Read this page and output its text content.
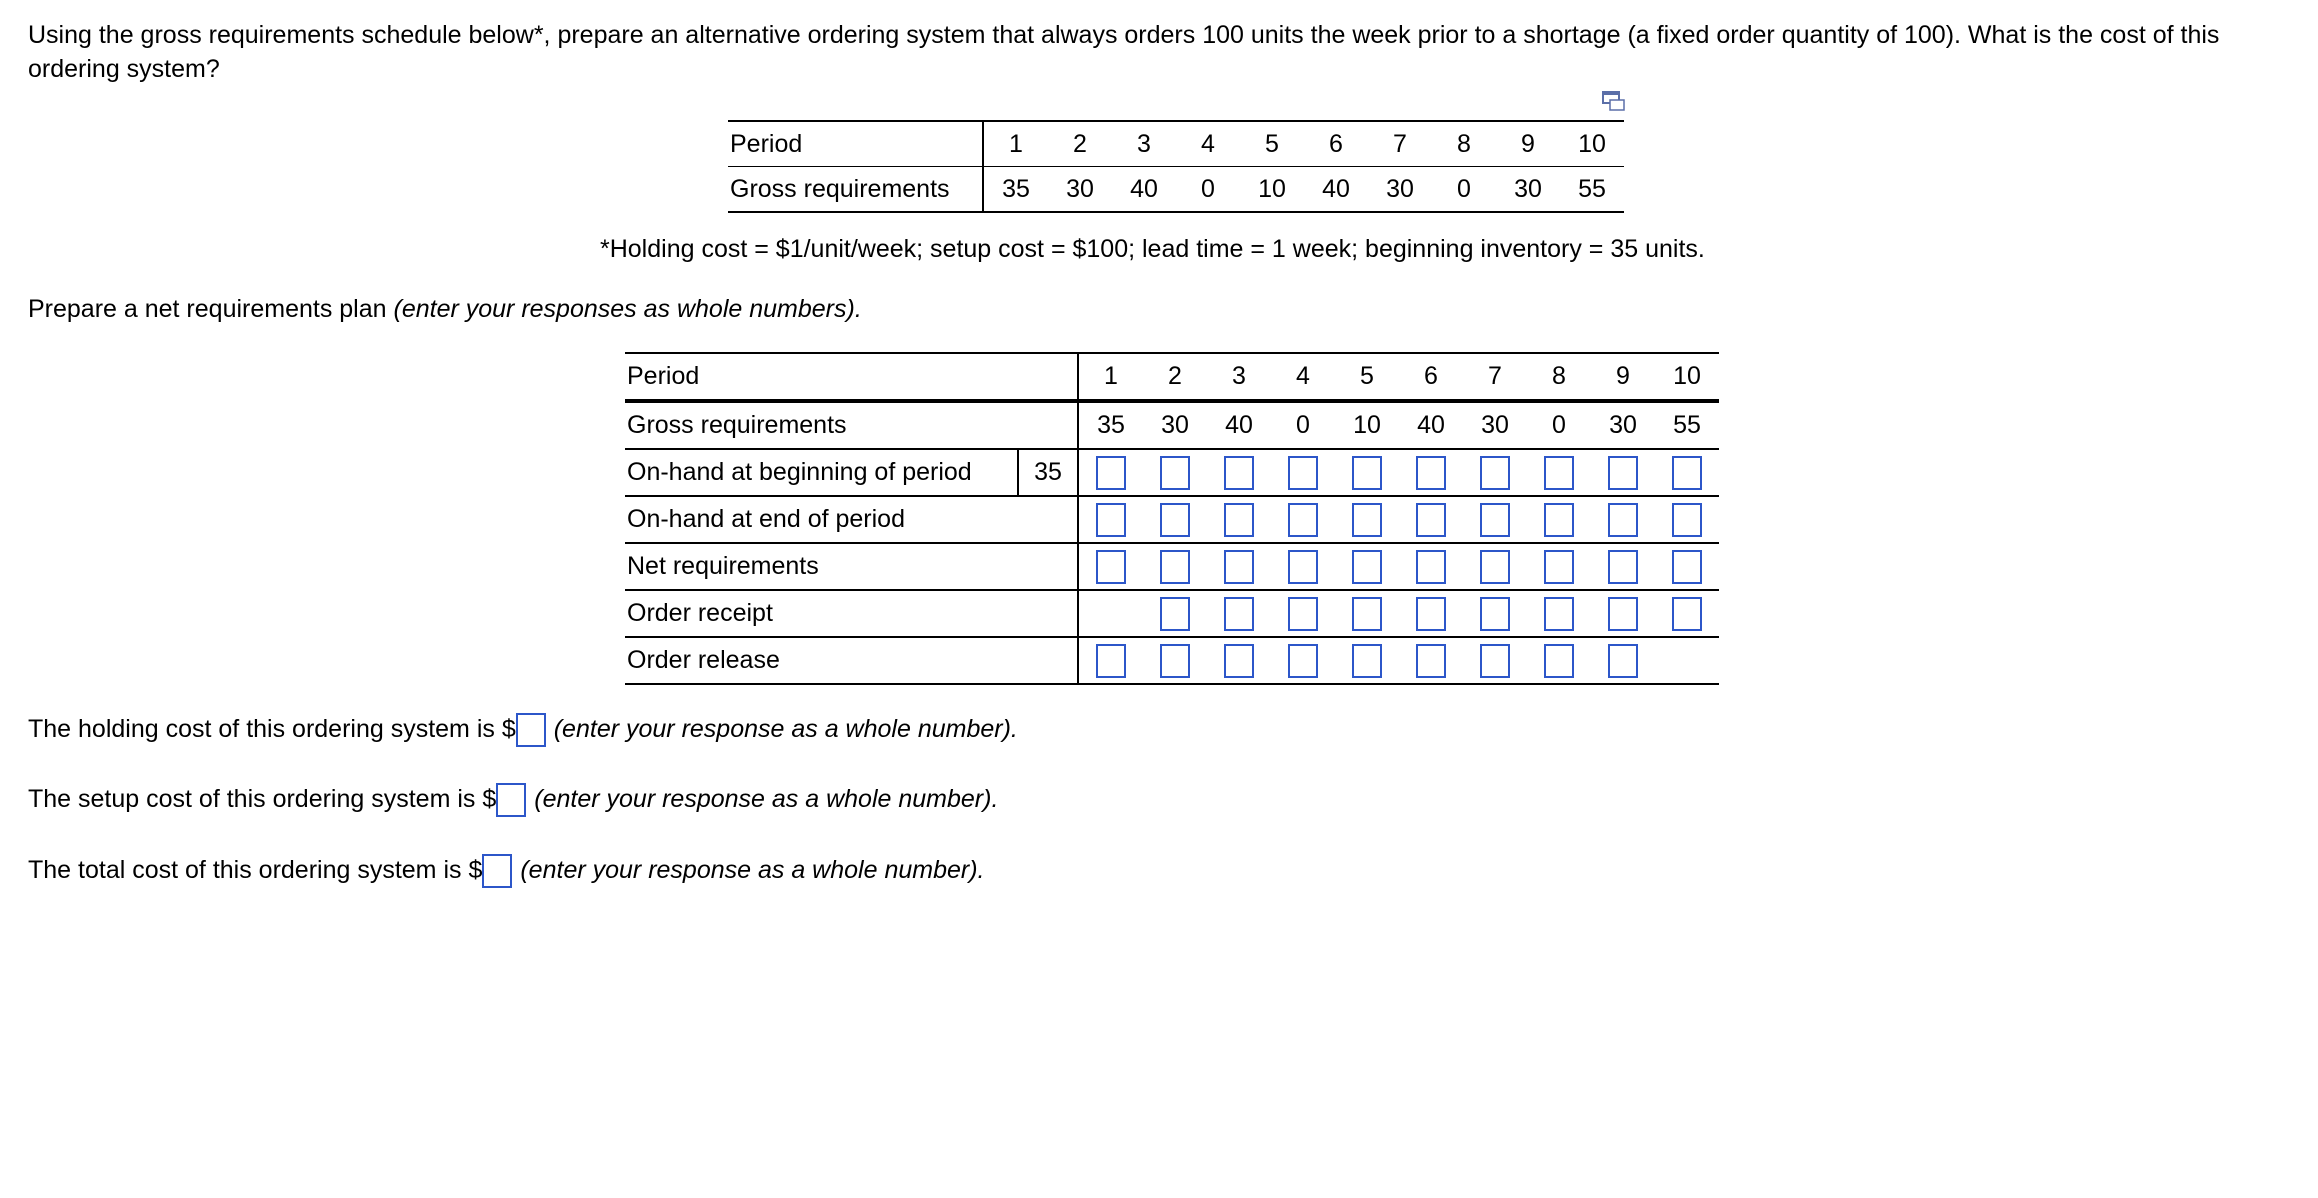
Using the gross requirements schedule below*, prepare an alternative ordering system that always orders 100 units the week prior to a shortage (a fixed order quantity of 100). What is the cost of this ordering system?

Period	1	2	3	4	5	6	7	8	9	10
Gross requirements	35	30	40	0	10	40	30	0	30	55

*Holding cost = $1/unit/week; setup cost = $100; lead time = 1 week; beginning inventory = 35 units.

Prepare a net requirements plan (enter your responses as whole numbers).

Period		1	2	3	4	5	6	7	8	9	10
Gross requirements		35	30	40	0	10	40	30	0	30	55
On-hand at beginning of period	35										
On-hand at end of period											
Net requirements											
Order receipt											
Order release											

The holding cost of this ordering system is $ (enter your response as a whole number).

The setup cost of this ordering system is $ (enter your response as a whole number).

The total cost of this ordering system is $ (enter your response as a whole number).
